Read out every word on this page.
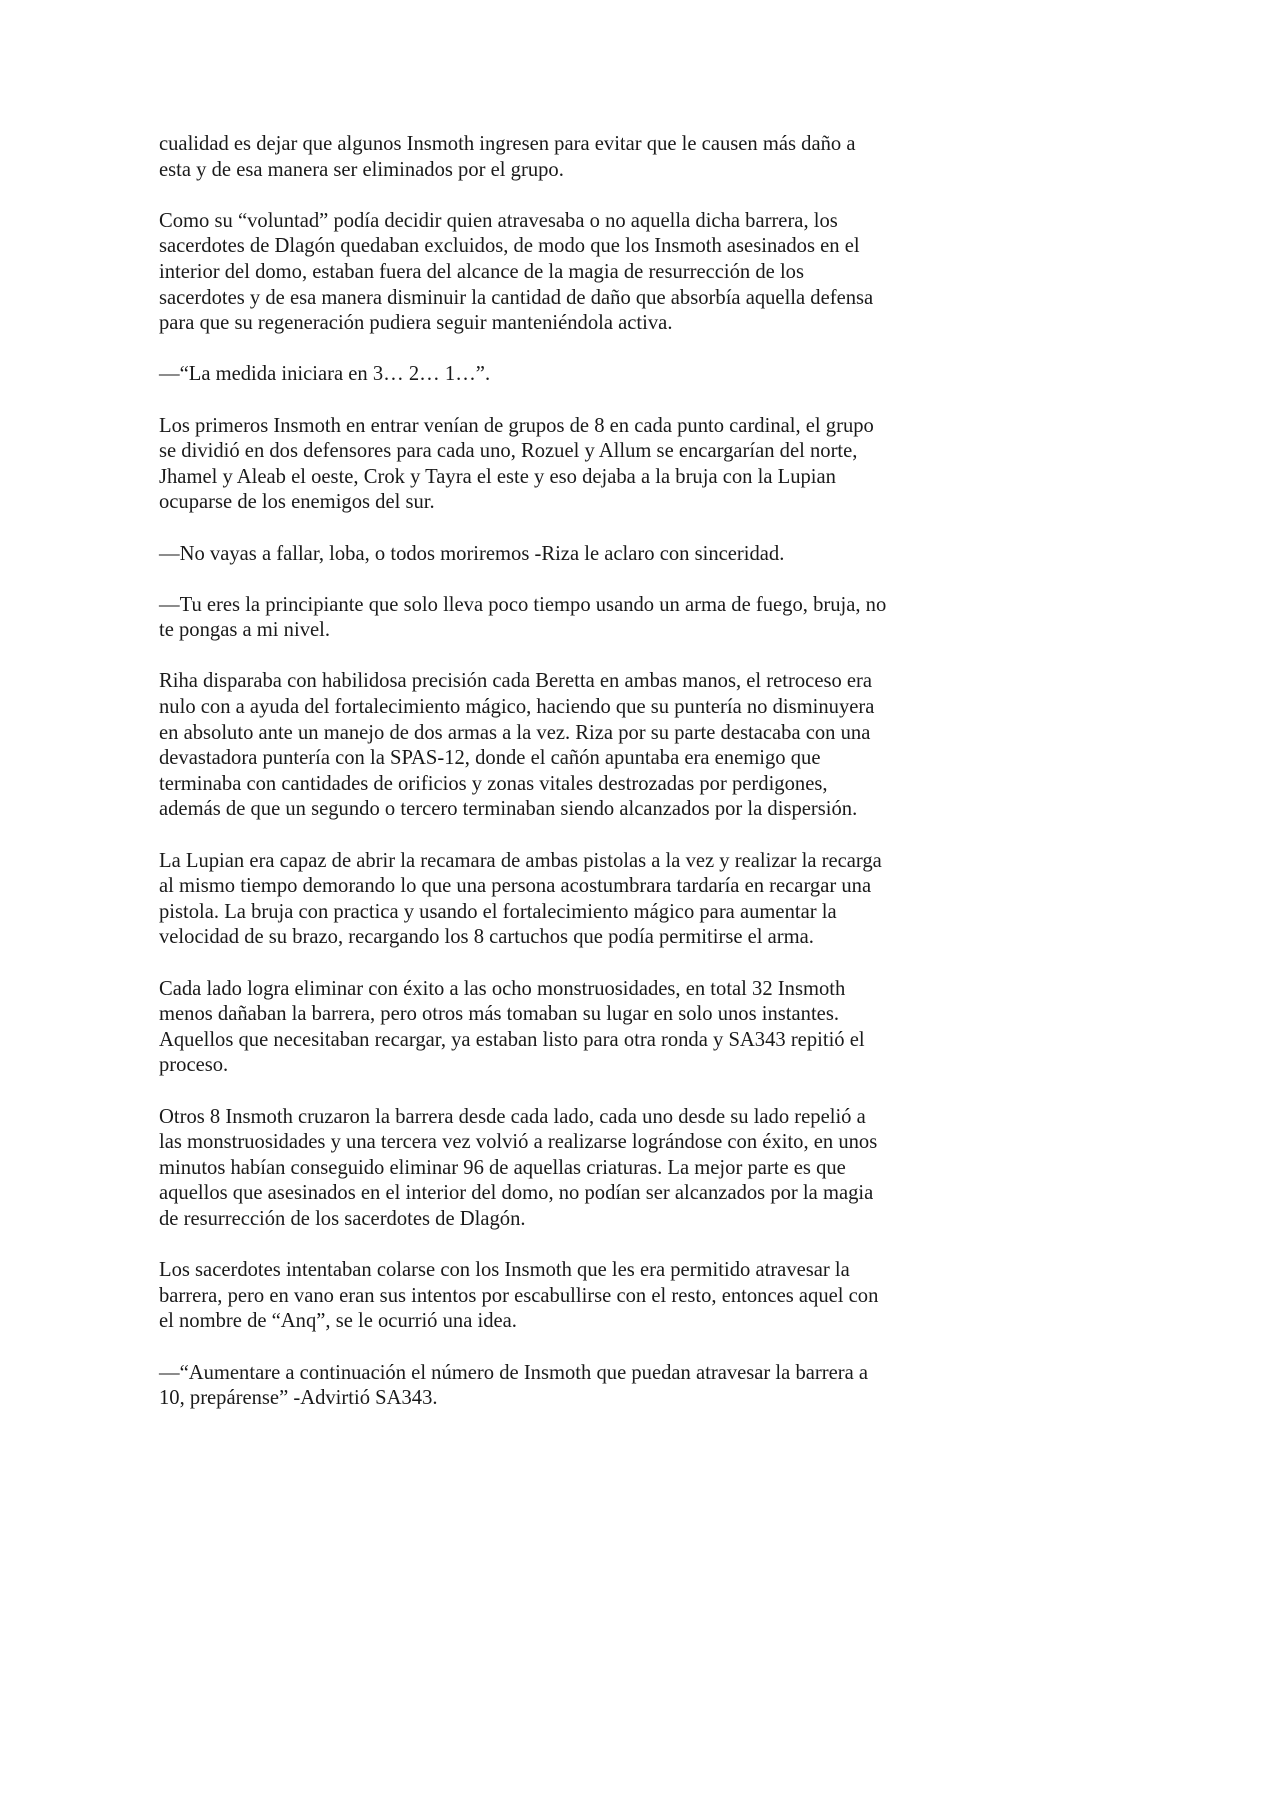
cualidad es dejar que algunos Insmoth ingresen para evitar que le causen más daño a
esta y de esa manera ser eliminados por el grupo.

Como su “voluntad” podía decidir quien atravesaba o no aquella dicha barrera, los
sacerdotes de Dlagón quedaban excluidos, de modo que los Insmoth asesinados en el
interior del domo, estaban fuera del alcance de la magia de resurrección de los
sacerdotes y de esa manera disminuir la cantidad de daño que absorbía aquella defensa
para que su regeneración pudiera seguir manteniéndola activa.

—“La medida iniciara en 3… 2… 1…”.

Los primeros Insmoth en entrar venían de grupos de 8 en cada punto cardinal, el grupo
se dividió en dos defensores para cada uno, Rozuel y Allum se encargarían del norte,
Jhamel y Aleab el oeste, Crok y Tayra el este y eso dejaba a la bruja con la Lupian
ocuparse de los enemigos del sur.

—No vayas a fallar, loba, o todos moriremos -Riza le aclaro con sinceridad.

—Tu eres la principiante que solo lleva poco tiempo usando un arma de fuego, bruja, no
te pongas a mi nivel.

Riha disparaba con habilidosa precisión cada Beretta en ambas manos, el retroceso era
nulo con a ayuda del fortalecimiento mágico, haciendo que su puntería no disminuyera
en absoluto ante un manejo de dos armas a la vez. Riza por su parte destacaba con una
devastadora puntería con la SPAS-12, donde el cañón apuntaba era enemigo que
terminaba con cantidades de orificios y zonas vitales destrozadas por perdigones,
además de que un segundo o tercero terminaban siendo alcanzados por la dispersión.

La Lupian era capaz de abrir la recamara de ambas pistolas a la vez y realizar la recarga
al mismo tiempo demorando lo que una persona acostumbrara tardaría en recargar una
pistola. La bruja con practica y usando el fortalecimiento mágico para aumentar la
velocidad de su brazo, recargando los 8 cartuchos que podía permitirse el arma.

Cada lado logra eliminar con éxito a las ocho monstruosidades, en total 32 Insmoth
menos dañaban la barrera, pero otros más tomaban su lugar en solo unos instantes.
Aquellos que necesitaban recargar, ya estaban listo para otra ronda y SA343 repitió el
proceso.

Otros 8 Insmoth cruzaron la barrera desde cada lado, cada uno desde su lado repelió a
las monstruosidades y una tercera vez volvió a realizarse lográndose con éxito, en unos
minutos habían conseguido eliminar 96 de aquellas criaturas. La mejor parte es que
aquellos que asesinados en el interior del domo, no podían ser alcanzados por la magia
de resurrección de los sacerdotes de Dlagón.

Los sacerdotes intentaban colarse con los Insmoth que les era permitido atravesar la
barrera, pero en vano eran sus intentos por escabullirse con el resto, entonces aquel con
el nombre de “Anq”, se le ocurrió una idea.

—“Aumentare a continuación el número de Insmoth que puedan atravesar la barrera a
10, prepárense” -Advirtió SA343.
